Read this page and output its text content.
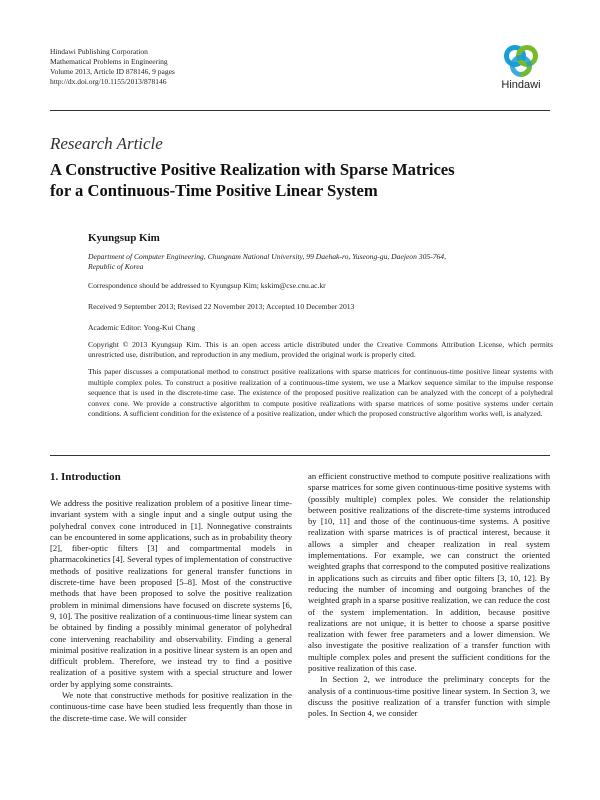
Hindawi Publishing Corporation
Mathematical Problems in Engineering
Volume 2013, Article ID 878146, 9 pages
http://dx.doi.org/10.1155/2013/878146	Hindawi
Research Article
A Constructive Positive Realization with Sparse Matrices
for a Continuous-Time Positive Linear System
Kyungsup Kim
Department of Computer Engineering, Chungnam National University, 99 Daehak-ro, Yuseong-gu, Daejeon 305-764,
Republic of Korea
Correspondence should be addressed to Kyungsup Kim; kskim@cse.cnu.ac.kr
Received 9 September 2013; Revised 22 November 2013; Accepted 10 December 2013
Academic Editor: Yong-Kui Chang
Copyright © 2013 Kyungsup Kim. This is an open access article distributed under the Creative Commons Attribution License, which permits unrestricted use, distribution, and reproduction in any medium, provided the original work is properly cited.
This paper discusses a computational method to construct positive realizations with sparse matrices for continuous-time positive linear systems with multiple complex poles. To construct a positive realization of a continuous-time system, we use a Markov sequence similar to the impulse response sequence that is used in the discrete-time case. The existence of the proposed positive realization can be analyzed with the concept of a polyhedral convex cone. We provide a constructive algorithm to compute positive realizations with sparse matrices of some positive systems under certain conditions. A sufficient condition for the existence of a positive realization, under which the proposed constructive algorithm works well, is analyzed.
1. Introduction

We address the positive realization problem of a positive linear time-invariant system with a single input and a single output using the polyhedral convex cone introduced in [1]. Nonnegative constraints can be encountered in some applications, such as in probability theory [2], fiber-optic filters [3] and compartmental models in pharmacokinetics [4]. Several types of implementation of constructive methods of positive realizations for general transfer functions in discrete-time have been proposed [5–8]. Most of the constructive methods that have been proposed to solve the positive realization problem in minimal dimensions have focused on discrete systems [6, 9, 10]. The positive realization of a continuous-time linear system can be obtained by finding a possibly minimal generator of polyhedral cone intervening reachability and observability. Finding a general minimal positive realization in a positive linear system is an open and difficult problem. Therefore, we instead try to find a positive realization of a positive system with a special structure and lower order by applying some constraints.

We note that constructive methods for positive realization in the continuous-time case have been studied less frequently than those in the discrete-time case. We will consider

an efficient constructive method to compute positive realizations with sparse matrices for some given continuous-time positive systems with (possibly multiple) complex poles. We consider the relationship between positive realizations of the discrete-time systems introduced by [10, 11] and those of the continuous-time systems. A positive realization with sparse matrices is of practical interest, because it allows a simpler and cheaper realization in real system implementations. For example, we can construct the oriented weighted graphs that correspond to the computed positive realizations in applications such as circuits and fiber optic filters [3, 10, 12]. By reducing the number of incoming and outgoing branches of the weighted graph in a sparse positive realization, we can reduce the cost of the system implementation. In addition, because positive realizations are not unique, it is better to choose a sparse positive realization with fewer free parameters and a lower dimension. We also investigate the positive realization of a transfer function with multiple complex poles and present the sufficient conditions for the positive realization of this case.

In Section 2, we introduce the preliminary concepts for the analysis of a continuous-time positive linear system. In Section 3, we discuss the positive realization of a transfer function with simple poles. In Section 4, we consider
